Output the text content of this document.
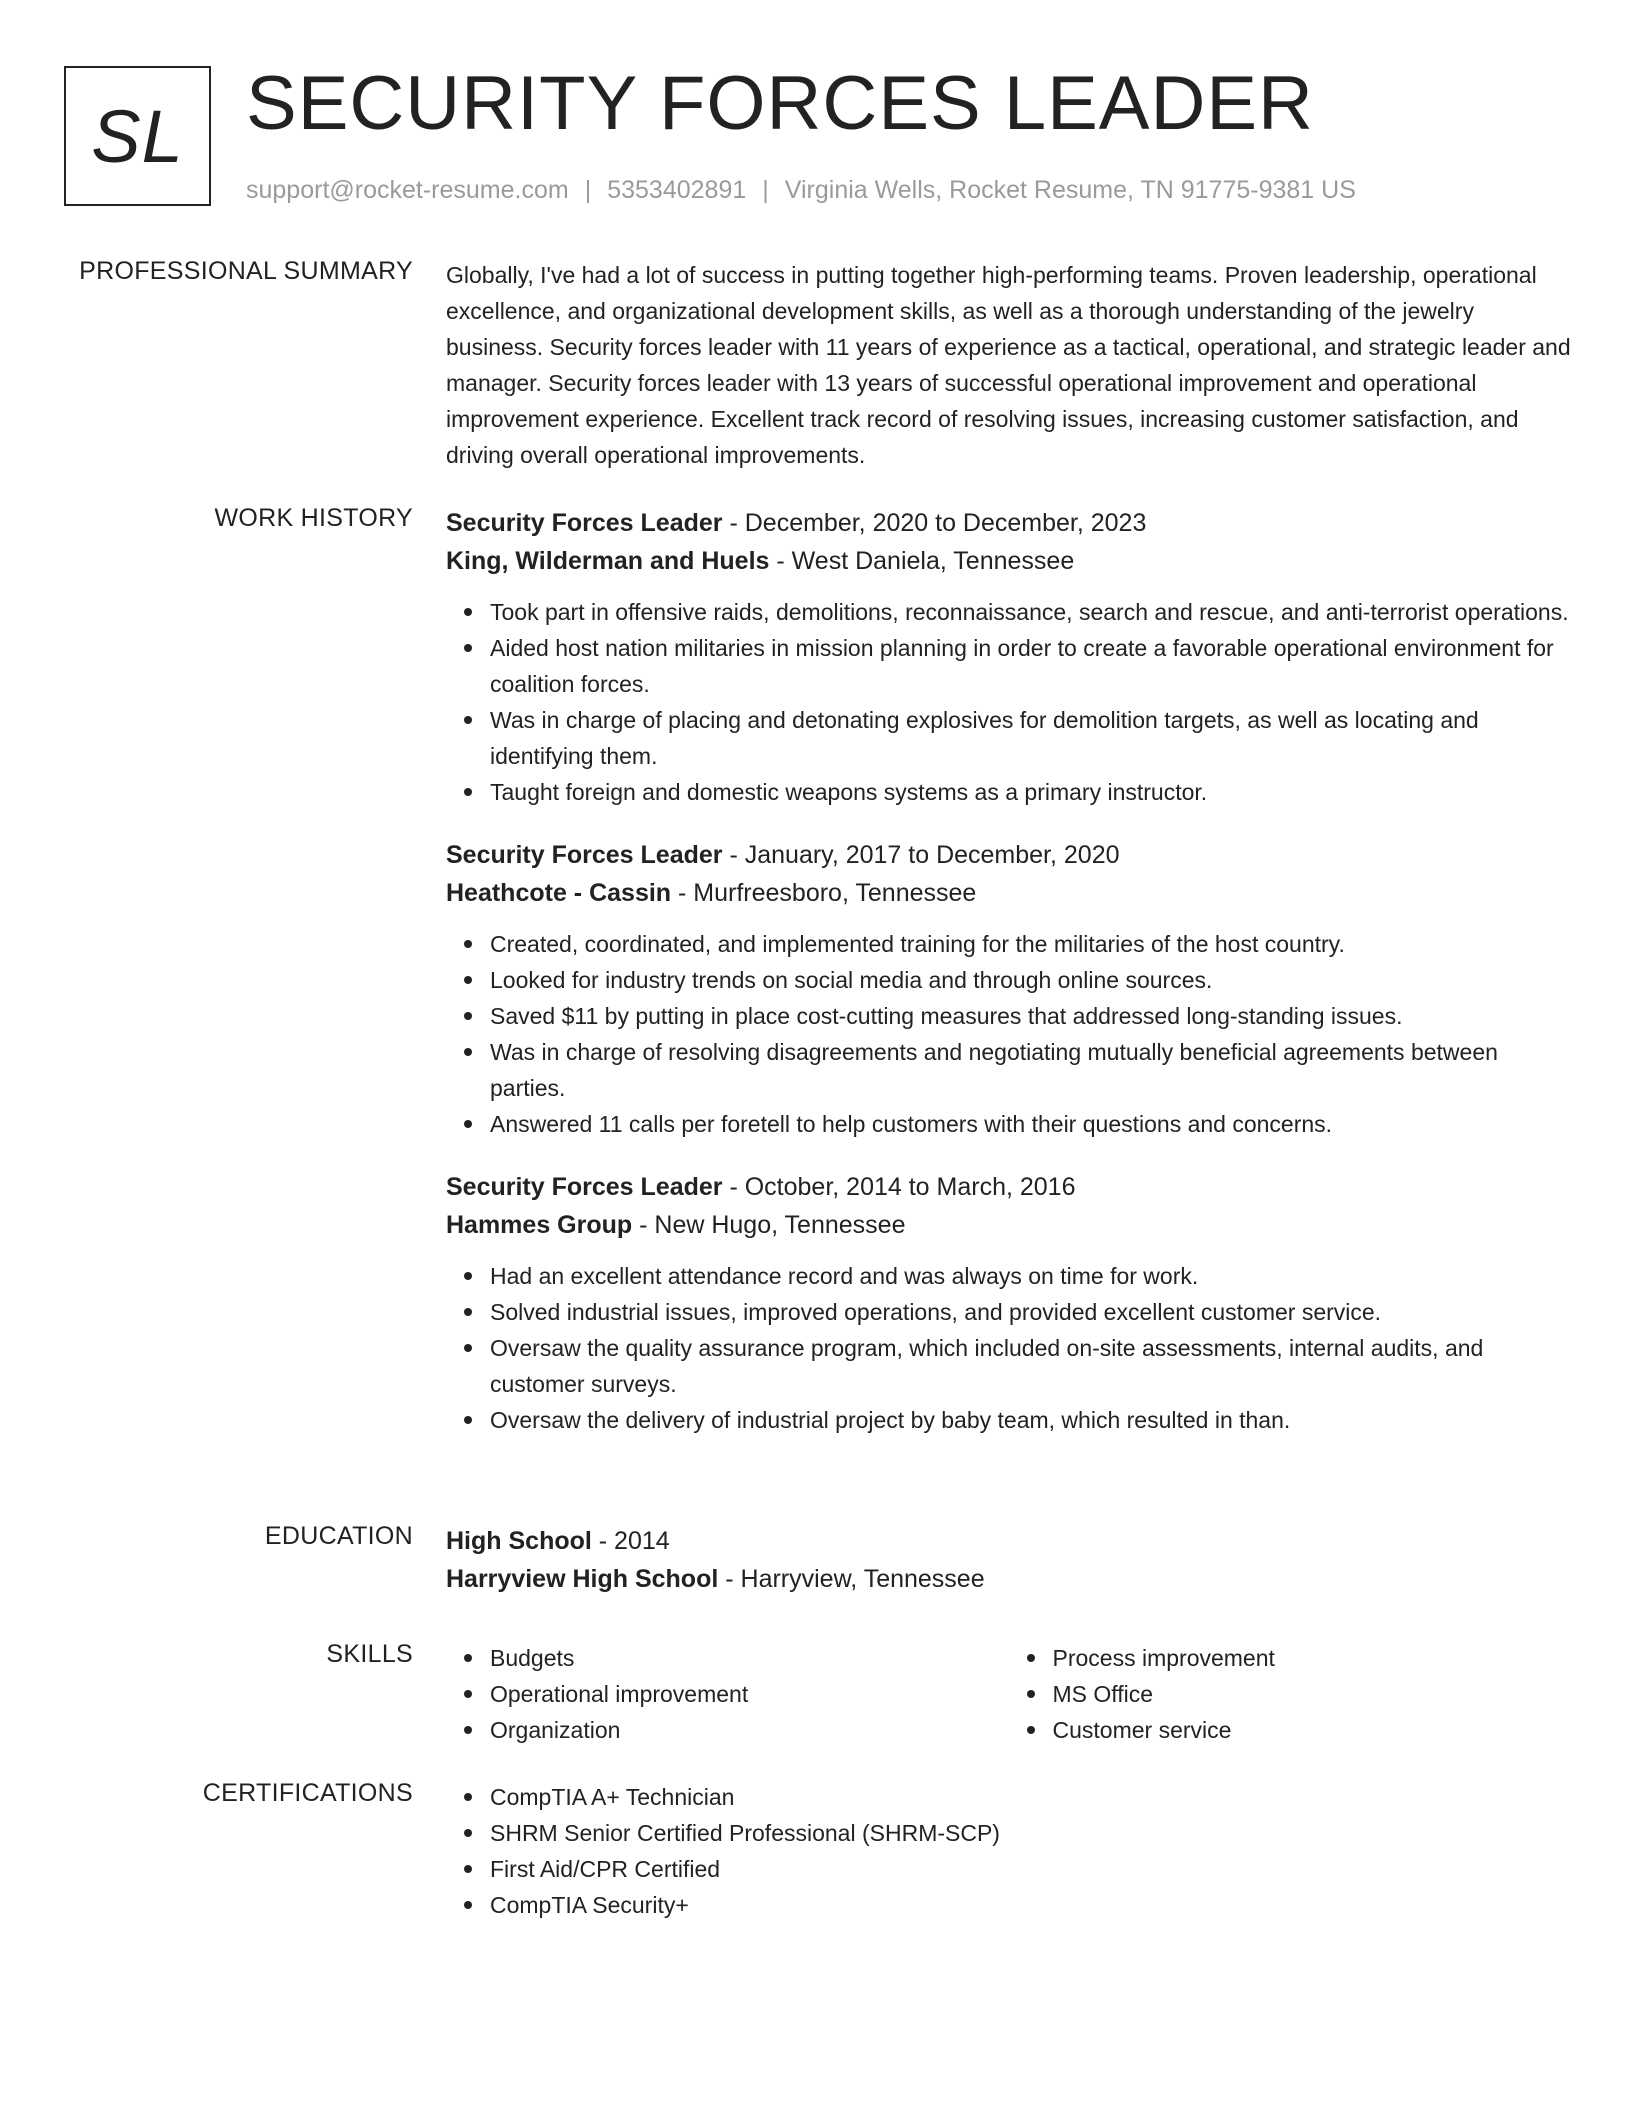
SL SECURITY FORCES LEADER
support@rocket-resume.com | 5353402891 | Virginia Wells, Rocket Resume, TN 91775-9381 US
PROFESSIONAL SUMMARY Globally, I've had a lot of success in putting together high-performing teams. Proven leadership, operational excellence, and organizational development skills, as well as a thorough understanding of the jewelry business. Security forces leader with 11 years of experience as a tactical, operational, and strategic leader and manager. Security forces leader with 13 years of successful operational improvement and operational improvement experience. Excellent track record of resolving issues, increasing customer satisfaction, and driving overall operational improvements.

WORK HISTORY Security Forces Leader - December, 2020 to December, 2023
King, Wilderman and Huels - West Daniela, Tennessee
Took part in offensive raids, demolitions, reconnaissance, search and rescue, and anti-terrorist operations.
Aided host nation militaries in mission planning in order to create a favorable operational environment for coalition forces.
Was in charge of placing and detonating explosives for demolition targets, as well as locating and identifying them.
Taught foreign and domestic weapons systems as a primary instructor.
Security Forces Leader - January, 2017 to December, 2020
Heathcote - Cassin - Murfreesboro, Tennessee
Created, coordinated, and implemented training for the militaries of the host country.
Looked for industry trends on social media and through online sources.
Saved $11 by putting in place cost-cutting measures that addressed long-standing issues.
Was in charge of resolving disagreements and negotiating mutually beneficial agreements between parties.
Answered 11 calls per foretell to help customers with their questions and concerns.
Security Forces Leader - October, 2014 to March, 2016
Hammes Group - New Hugo, Tennessee
Had an excellent attendance record and was always on time for work.
Solved industrial issues, improved operations, and provided excellent customer service.
Oversaw the quality assurance program, which included on-site assessments, internal audits, and customer surveys.
Oversaw the delivery of industrial project by baby team, which resulted in than.
EDUCATION High School - 2014
Harryview High School - Harryview, Tennessee
SKILLS	Budgets
Operational improvement
Organization
Process improvement
MS Office
Customer service
CERTIFICATIONS	CompTIA A+ Technician
SHRM Senior Certified Professional (SHRM-SCP)
First Aid/CPR Certified
CompTIA Security+
